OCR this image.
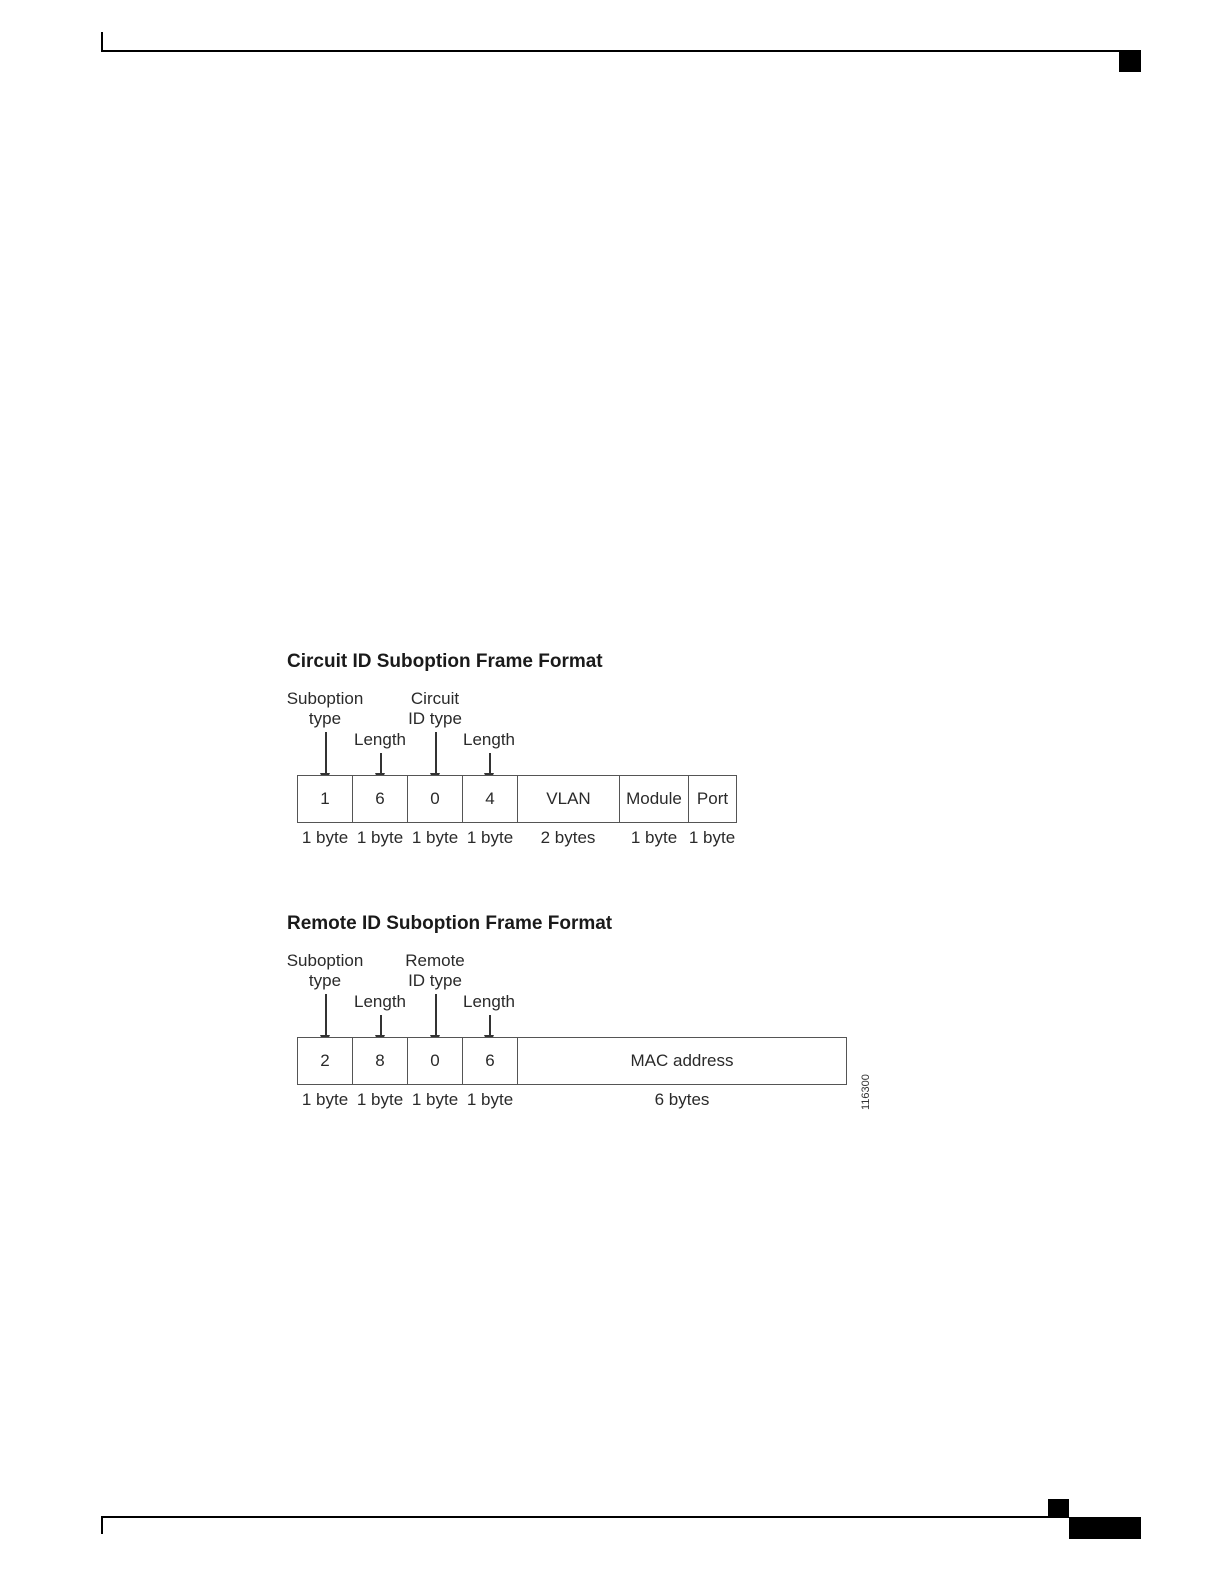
Circuit ID Suboption Frame Format
Suboption
type
Length
Circuit
ID type
Length
1	6	0	4	VLAN	Module Port
1 byte 1 byte 1 byte 1 byte	2 bytes	1 byte 1 byte
Remote ID Suboption Frame Format
Suboption
type
Length
Remote
ID type
Length
2	8	0	6	MAC address
1 byte 1 byte 1 byte 1 byte	6 bytes	116300
